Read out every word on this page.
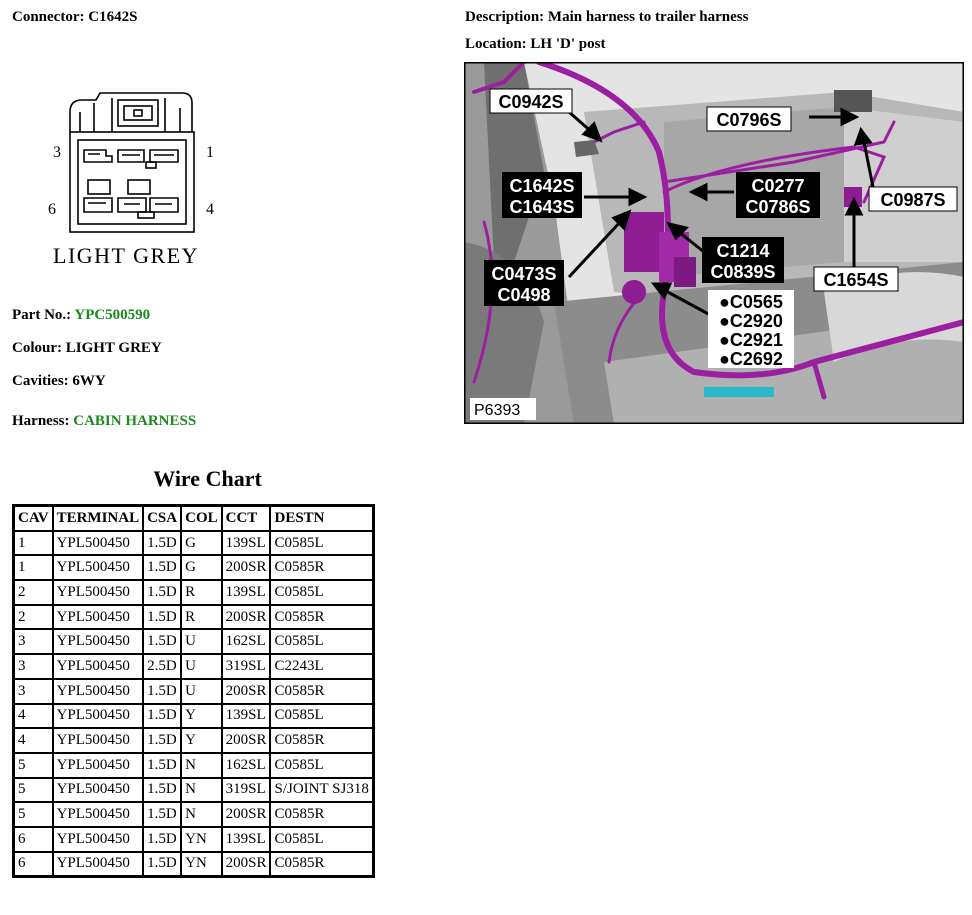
Connector: C1642S	Description: Main harness to trailer harness
Location: LH 'D' post
3	1
6	4
LIGHT GREY
Part No.: YPC500590
Colour: LIGHT GREY
Cavities: 6WY
Harness: CABIN HARNESS
C0942S
C0796S
C1642S
C1643S
C0277
C0786S	C0987S
C1214
C0839S
C0473S
C0498
C1654S
●C0565
●C2920
●C2921
●C2692
P6393
Wire Chart
CAV	TERMINAL	CSA	COL	CCT	DESTN
1	YPL500450	1.5D	G	139SL	C0585L
1	YPL500450	1.5D	G	200SR	C0585R
2	YPL500450	1.5D	R	139SL	C0585L
2	YPL500450	1.5D	R	200SR	C0585R
3	YPL500450	1.5D	U	162SL	C0585L
3	YPL500450	2.5D	U	319SL	C2243L
3	YPL500450	1.5D	U	200SR	C0585R
4	YPL500450	1.5D	Y	139SL	C0585L
4	YPL500450	1.5D	Y	200SR	C0585R
5	YPL500450	1.5D	N	162SL	C0585L
5	YPL500450	1.5D	N	319SL	S/JOINT SJ318
5	YPL500450	1.5D	N	200SR	C0585R
6	YPL500450	1.5D	YN	139SL	C0585L
6	YPL500450	1.5D	YN	200SR	C0585R
